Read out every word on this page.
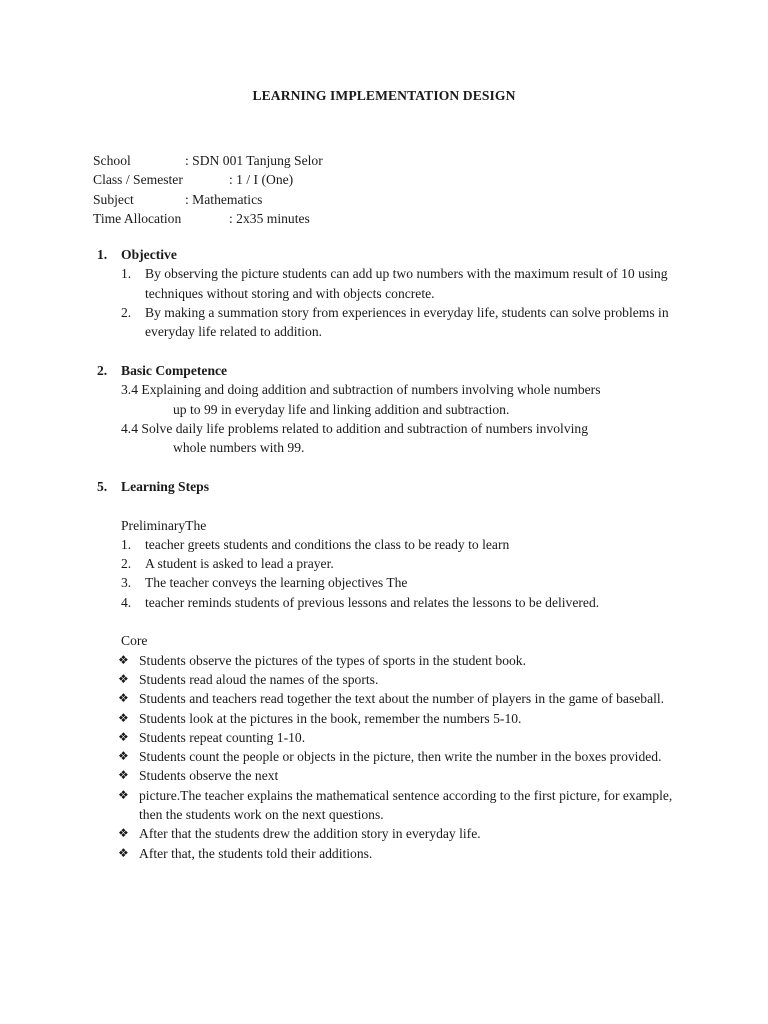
LEARNING IMPLEMENTATION DESIGN
School	: SDN 001 Tanjung Selor
Class / Semester	: 1 / I (One)
Subject	: Mathematics
Time Allocation	: 2x35 minutes
1. Objective
1. By observing the picture students can add up two numbers with the maximum result of 10 using techniques without storing and with objects concrete.
2. By making a summation story from experiences in everyday life, students can solve problems in everyday life related to addition.
2. Basic Competence
3.4 Explaining and doing addition and subtraction of numbers involving whole numbers
up to 99 in everyday life and linking addition and subtraction.
4.4 Solve daily life problems related to addition and subtraction of numbers involving
whole numbers with 99.
5. Learning Steps
PreliminaryThe
1. teacher greets students and conditions the class to be ready to learn
2. A student is asked to lead a prayer.
3. The teacher conveys the learning objectives The
4. teacher reminds students of previous lessons and relates the lessons to be delivered.
Core
❖ Students observe the pictures of the types of sports in the student book.
❖ Students read aloud the names of the sports.
❖ Students and teachers read together the text about the number of players in the game of baseball.
❖ Students look at the pictures in the book, remember the numbers 5-10.
❖ Students repeat counting 1-10.
❖ Students count the people or objects in the picture, then write the number in the boxes provided.
❖ Students observe the next
❖ picture.The teacher explains the mathematical sentence according to the first picture, for example, then the students work on the next questions.
❖ After that the students drew the addition story in everyday life.
❖ After that, the students told their additions.
